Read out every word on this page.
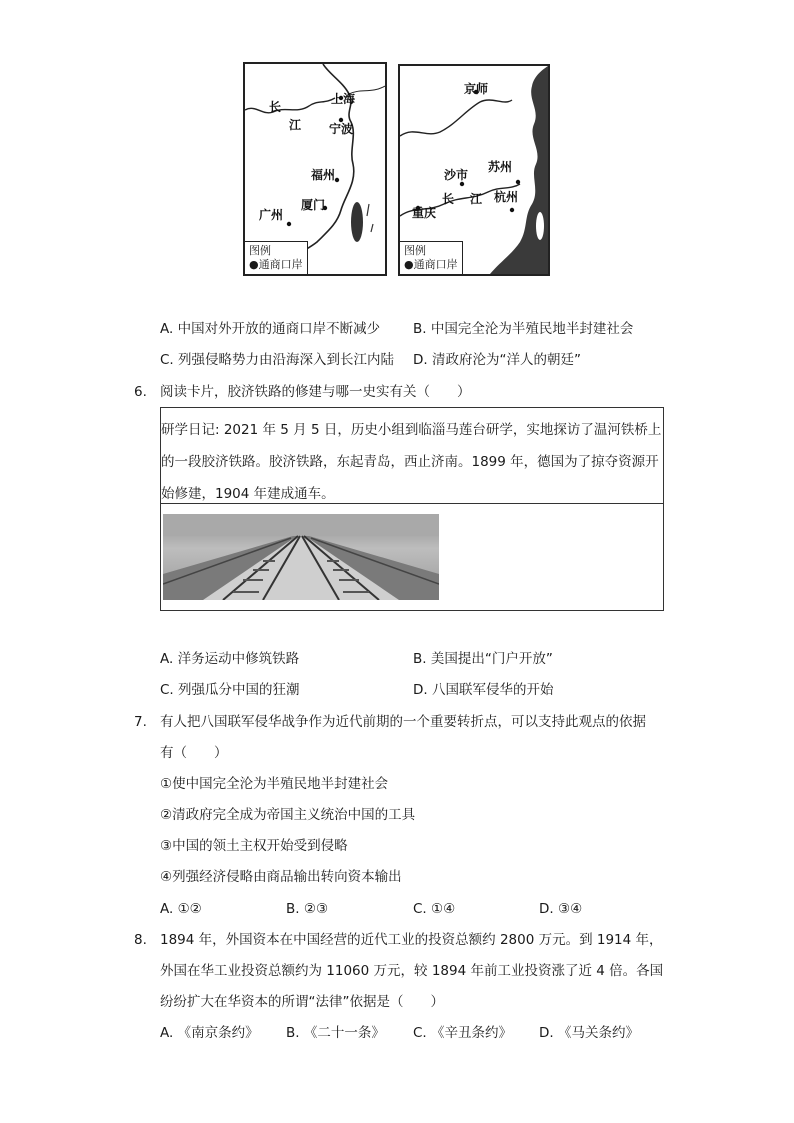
长
江
上海
宁波
福州
厦门
广州
图例
●通商口岸
京师
苏州
沙市
杭州
重庆
长 江
图例
●通商口岸
A. 中国对外开放的通商口岸不断减少 B. 中国完全沦为半殖民地半封建社会
C. 列强侵略势力由沿海深入到长江内陆 D. 清政府沦为“洋人的朝廷”
6. 阅读卡片，胶济铁路的修建与哪一史实有关（　　）
研学日记: 2021 年 5 月 5 日，历史小组到临淄马莲台研学，实地探访了温河铁桥上
的一段胶济铁路。胶济铁路，东起青岛，西止济南。1899 年，德国为了掠夺资源开
始修建，1904 年建成通车。
A. 洋务运动中修筑铁路	B. 美国提出“门户开放”
C. 列强瓜分中国的狂潮	D. 八国联军侵华的开始
7. 有人把八国联军侵华战争作为近代前期的一个重要转折点，可以支持此观点的依据
有（　　）
①使中国完全沦为半殖民地半封建社会
②清政府完全成为帝国主义统治中国的工具
③中国的领土主权开始受到侵略
④列强经济侵略由商品输出转向资本输出
A. ①②	B. ②③	C. ①④	D. ③④
8. 1894 年，外国资本在中国经营的近代工业的投资总额约 2800 万元。到 1914 年，
外国在华工业投资总额约为 11060 万元，较 1894 年前工业投资涨了近 4 倍。各国
纷纷扩大在华资本的所谓“法律”依据是（　　）
A. 《南京条约》 B. 《二十一条》 C. 《辛丑条约》 D. 《马关条约》
